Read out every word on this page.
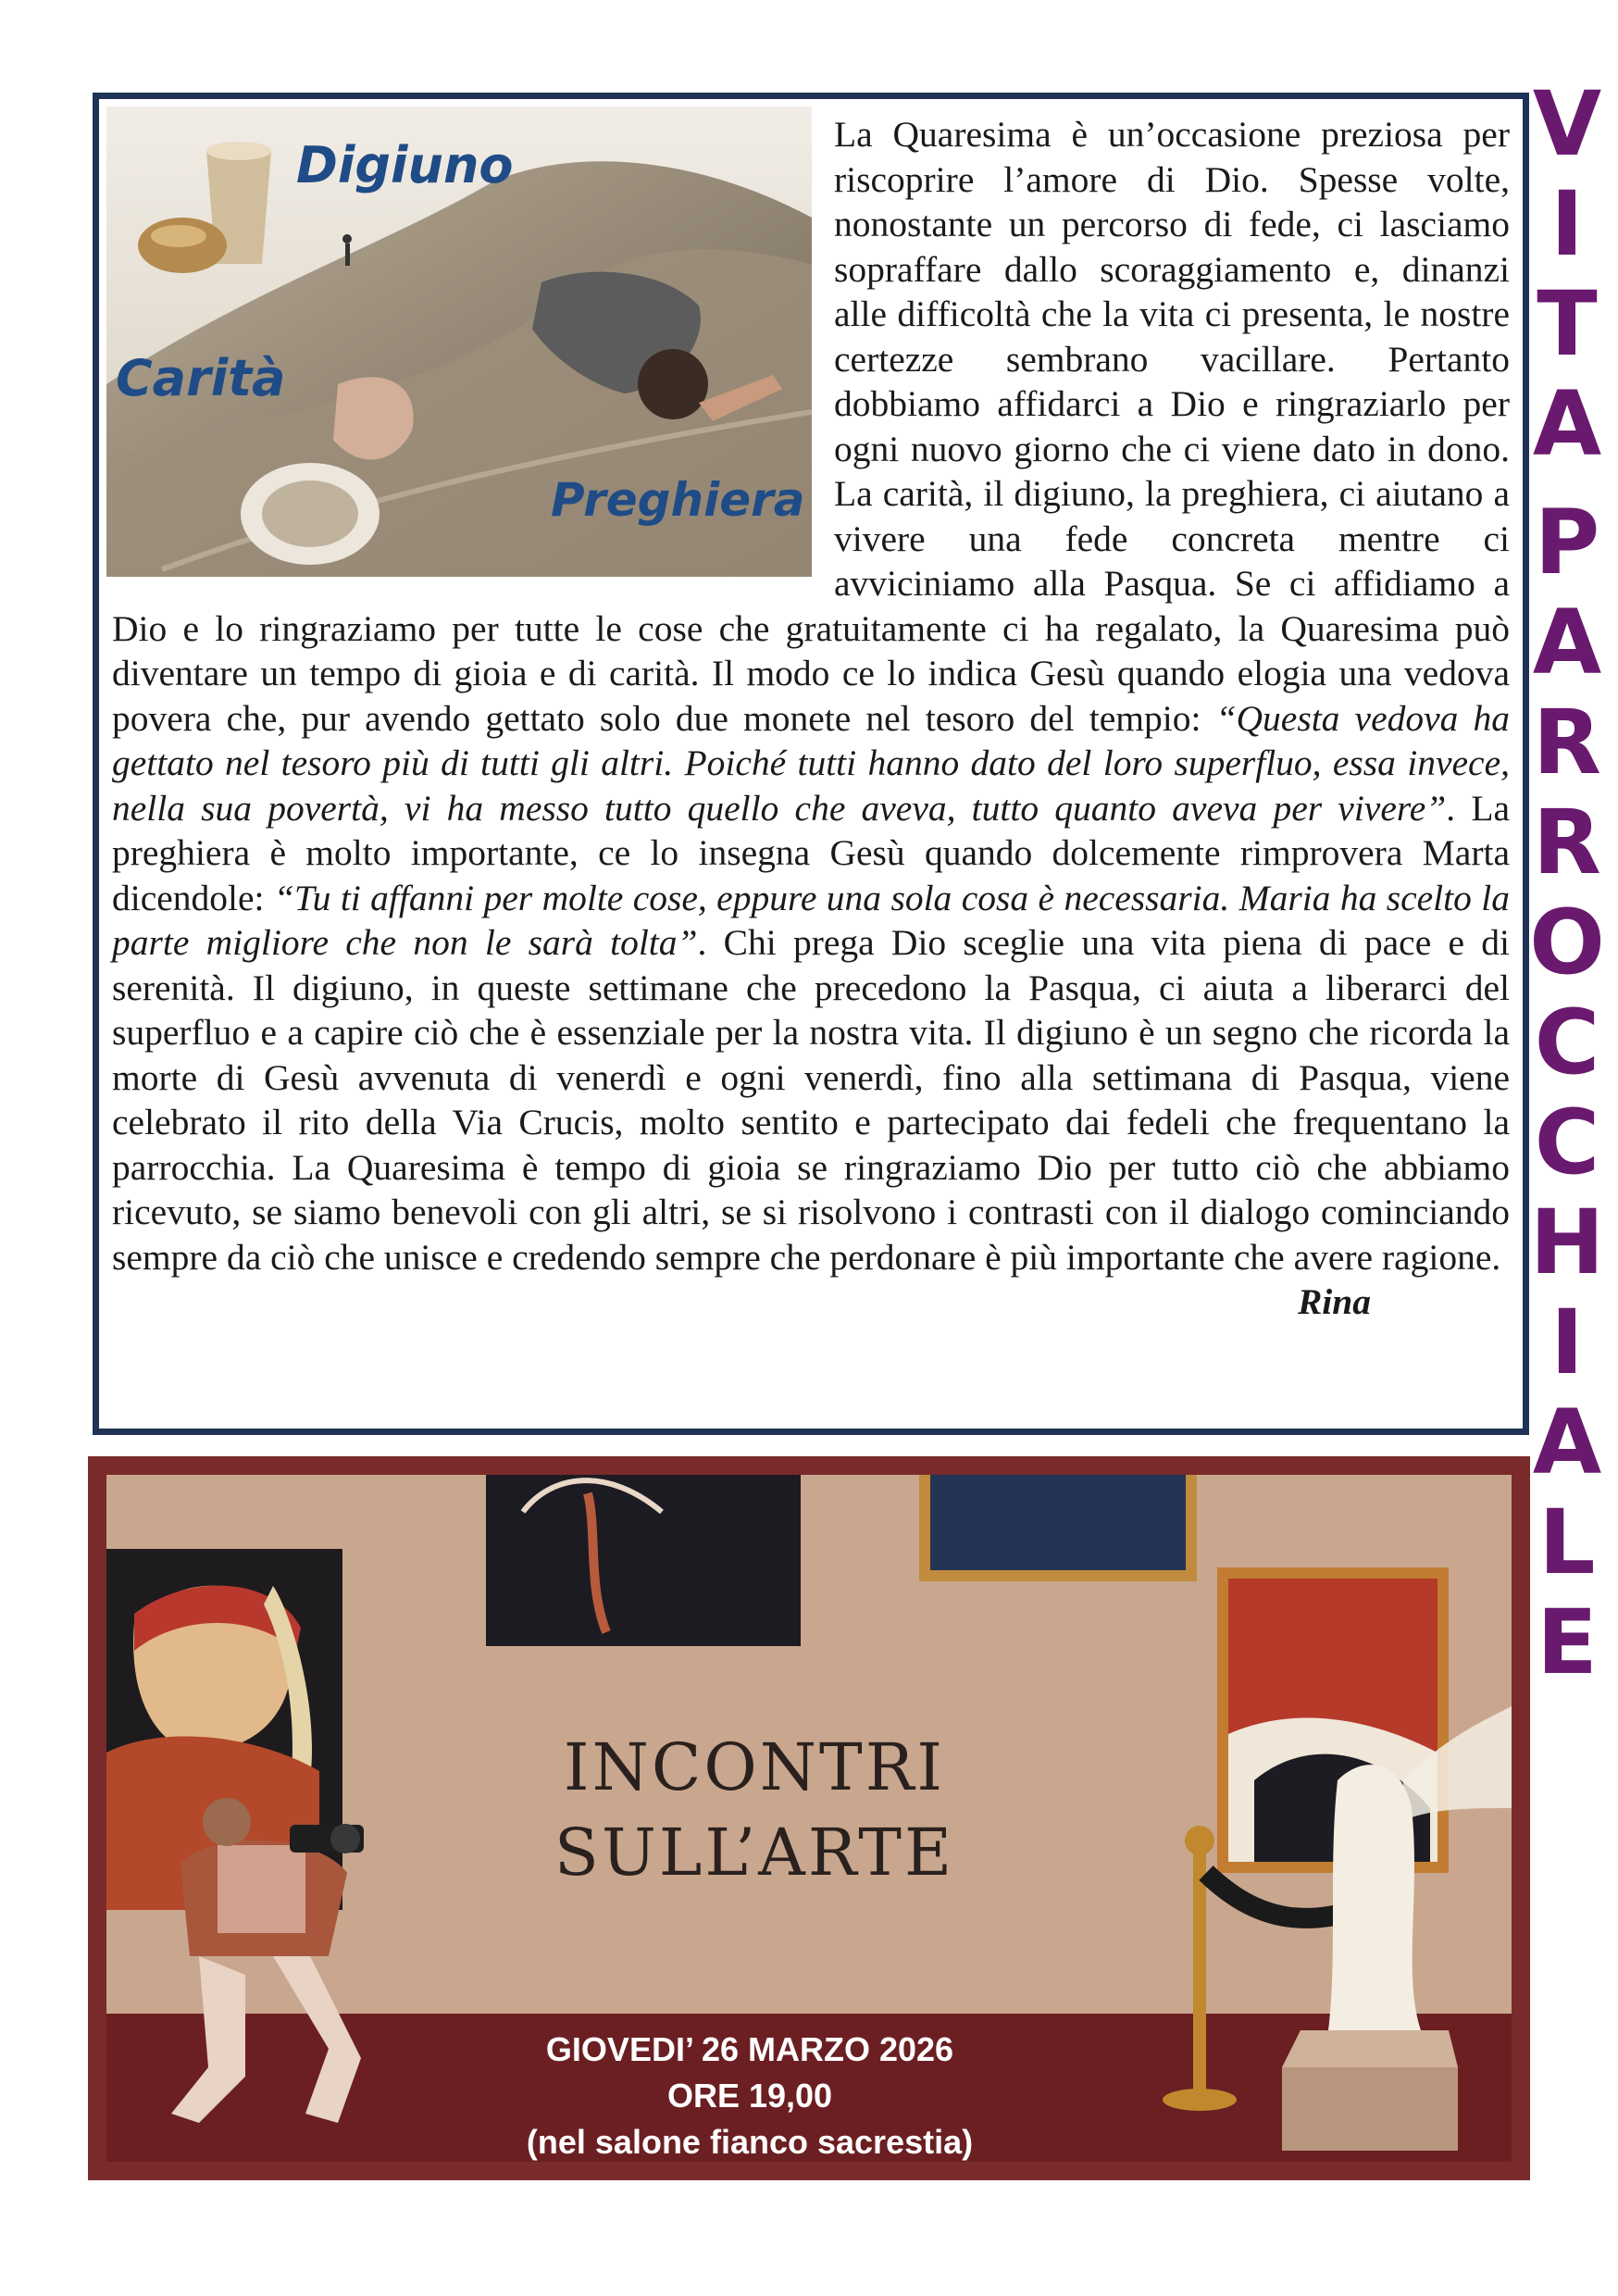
V
I
T
A
P
A
R
R
O
C
C
H
I
A
L
E
Digiuno
Carità
Preghiera
La Quaresima è un’occasione preziosa per riscoprire l’amore di Dio. Spesse volte, nonostante un percorso di fede, ci lasciamo sopraffare dallo scoraggiamento e, dinanzi alle difficoltà che la vita ci presenta, le nostre certezze sembrano vacillare. Pertanto dobbiamo affidarci a Dio e ringraziarlo per ogni nuovo giorno che ci viene dato in dono. La carità, il digiuno, la preghiera, ci aiutano a vivere una fede concreta mentre ci avviciniamo alla Pasqua. Se ci affidiamo a Dio e lo ringraziamo per tutte le cose che gratuitamente ci ha regalato, la Quaresima può diventare un tempo di gioia e di carità. Il modo ce lo indica Gesù quando elogia una vedova povera che, pur avendo gettato solo due monete nel tesoro del tempio: “Questa vedova ha gettato nel tesoro più di tutti gli altri. Poiché tutti hanno dato del loro superfluo, essa invece, nella sua povertà, vi ha messo tutto quello che aveva, tutto quanto aveva per vivere”. La preghiera è molto importante, ce lo insegna Gesù quando dolcemente rimprovera Marta dicendole: “Tu ti affanni per molte cose, eppure una sola cosa è necessaria. Maria ha scelto la parte migliore che non le sarà tolta”. Chi prega Dio sceglie una vita piena di pace e di serenità. Il digiuno, in queste settimane che precedono la Pasqua, ci aiuta a liberarci del superfluo e a capire ciò che è essenziale per la nostra vita. Il digiuno è un segno che ricorda la morte di Gesù avvenuta di venerdì e ogni venerdì, fino alla settimana di Pasqua, viene celebrato il rito della Via Crucis, molto sentito e partecipato dai fedeli che frequentano la parrocchia. La Quaresima è tempo di gioia se ringraziamo Dio per tutto ciò che abbiamo ricevuto, se siamo benevoli con gli altri, se si risolvono i contrasti con il dialogo cominciando sempre da ciò che unisce e credendo sempre che perdonare è più importante che avere ragione.
Rina
INCONTRI
SULL’ARTE
GIOVEDI’ 26 MARZO 2026
ORE 19,00
(nel salone fianco sacrestia)
